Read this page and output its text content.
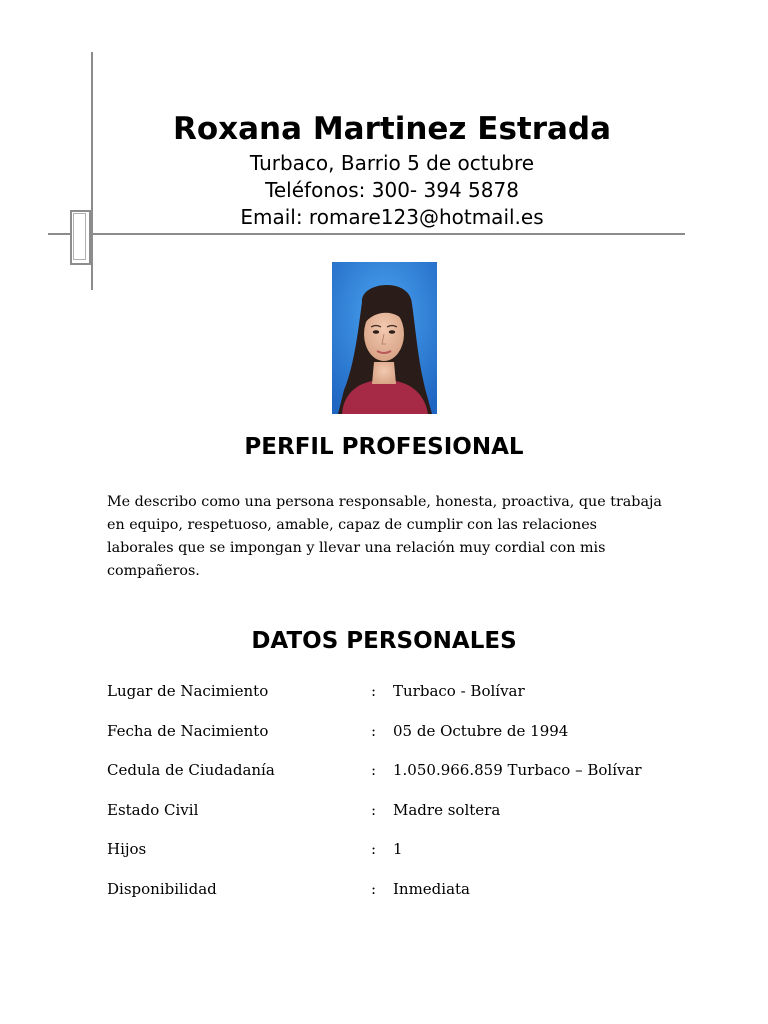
Roxana Martinez Estrada
Turbaco, Barrio 5 de octubre
Teléfonos: 300- 394 5878
Email: romare123@hotmail.es
PERFIL PROFESIONAL

Me describo como una persona responsable, honesta, proactiva, que trabaja en equipo, respetuoso, amable, capaz de cumplir con las relaciones laborales que se impongan y llevar una relación muy cordial con mis compañeros.

DATOS PERSONALES
Lugar de Nacimiento	:	Turbaco - Bolívar
Fecha de Nacimiento	:	05 de Octubre de 1994
Cedula de Ciudadanía	:	1.050.966.859 Turbaco – Bolívar
Estado Civil	:	Madre soltera
Hijos	:	1
Disponibilidad	:	Inmediata
